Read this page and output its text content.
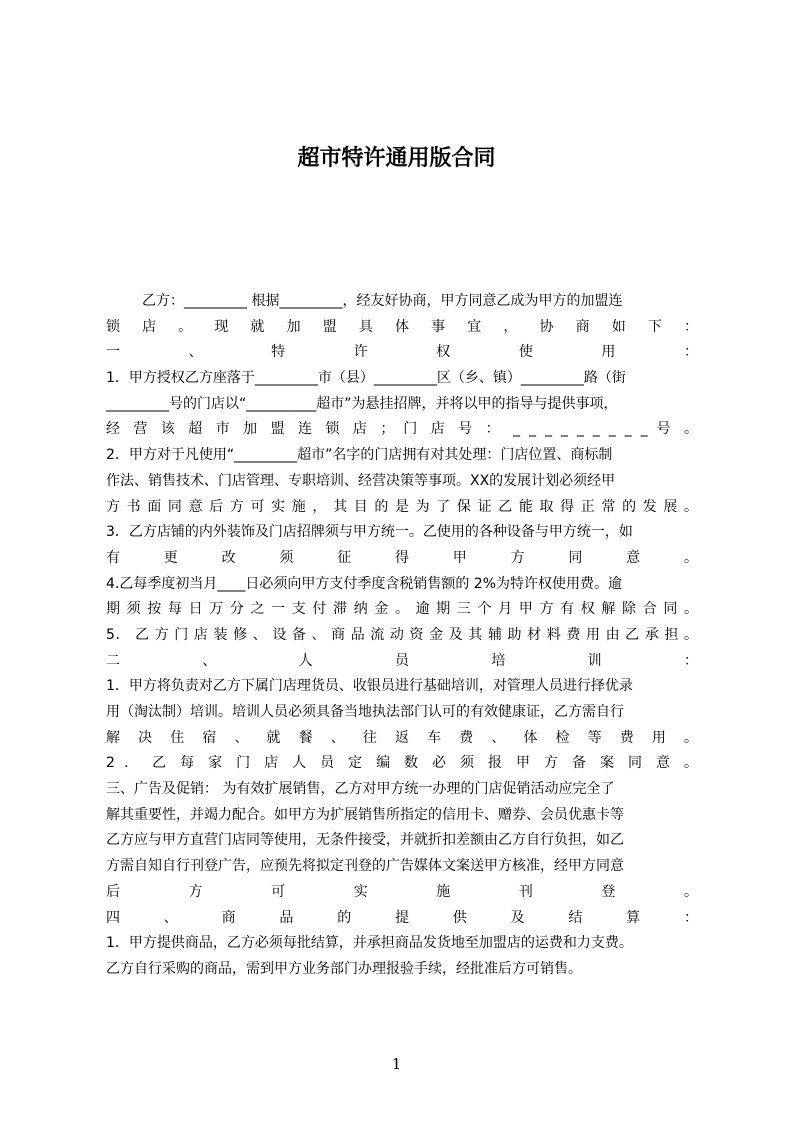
超市特许通用版合同
乙方：_________ 根据_________，经友好协商，甲方同意乙成为甲方的加盟连
锁 店 。 现 就 加 盟 具 体 事 宜 ， 协 商 如 下 ：
一 、 特 许 权 使 用 ：
1．甲方授权乙方座落于_________市（县）_________区（乡、镇）_________路（街
_________号的门店以“__________超市”为悬挂招牌，并将以甲的指导与提供事项，
经 营 该 超 市 加 盟 连 锁 店 ； 门 店 号 ： _ _ _ _ _ _ _ _ _ 号 。
2．甲方对于凡使用“_________超市”名字的门店拥有对其处理：门店位置、商标制
作法、销售技术、门店管理、专职培训、经营决策等事项。XX的发展计划必须经甲
方 书 面 同 意 后 方 可 实 施 ， 其 目 的 是 为 了 保 证 乙 能 取 得 正 常 的 发 展 。
3．乙方店铺的内外装饰及门店招牌须与甲方统一。乙使用的各种设备与甲方统一，如
有 更 改 须 征 得 甲 方 同 意 。
4.乙每季度初当月____日必须向甲方支付季度含税销售额的 2%为特许权使用费。逾
期 须 按 每 日 万 分 之 一 支 付 滞 纳 金 。 逾 期 三 个 月 甲 方 有 权 解 除 合 同 。
5． 乙 方 门 店 装 修 、 设 备 、 商 品 流 动 资 金 及 其 辅 助 材 料 费 用 由 乙 承 担 。
二 、 人 员 培 训 ：
1．甲方将负责对乙方下属门店理货员、收银员进行基础培训，对管理人员进行择优录
用（淘汰制）培训。培训人员必须具备当地执法部门认可的有效健康证，乙方需自行
解 决 住 宿 、 就 餐 、 往 返 车 费 、 体 检 等 费 用 。
2 ． 乙 每 家 门 店 人 员 定 编 数 必 须 报 甲 方 备 案 同 意 。
三、广告及促销： 为有效扩展销售，乙方对甲方统一办理的门店促销活动应完全了
解其重要性，并竭力配合。如甲方为扩展销售所指定的信用卡、赠券、会员优惠卡等
乙方应与甲方直营门店同等使用，无条件接受，并就折扣差额由乙方自行负担，如乙
方需自知自行刊登广告，应预先将拟定刊登的广告媒体文案送甲方核准，经甲方同意
后 方 可 实 施 刊 登 。
四 、 商 品 的 提 供 及 结 算 ：
1．甲方提供商品，乙方必须每批结算，并承担商品发货地至加盟店的运费和力支费。
乙方自行采购的商品，需到甲方业务部门办理报验手续，经批准后方可销售。
1
